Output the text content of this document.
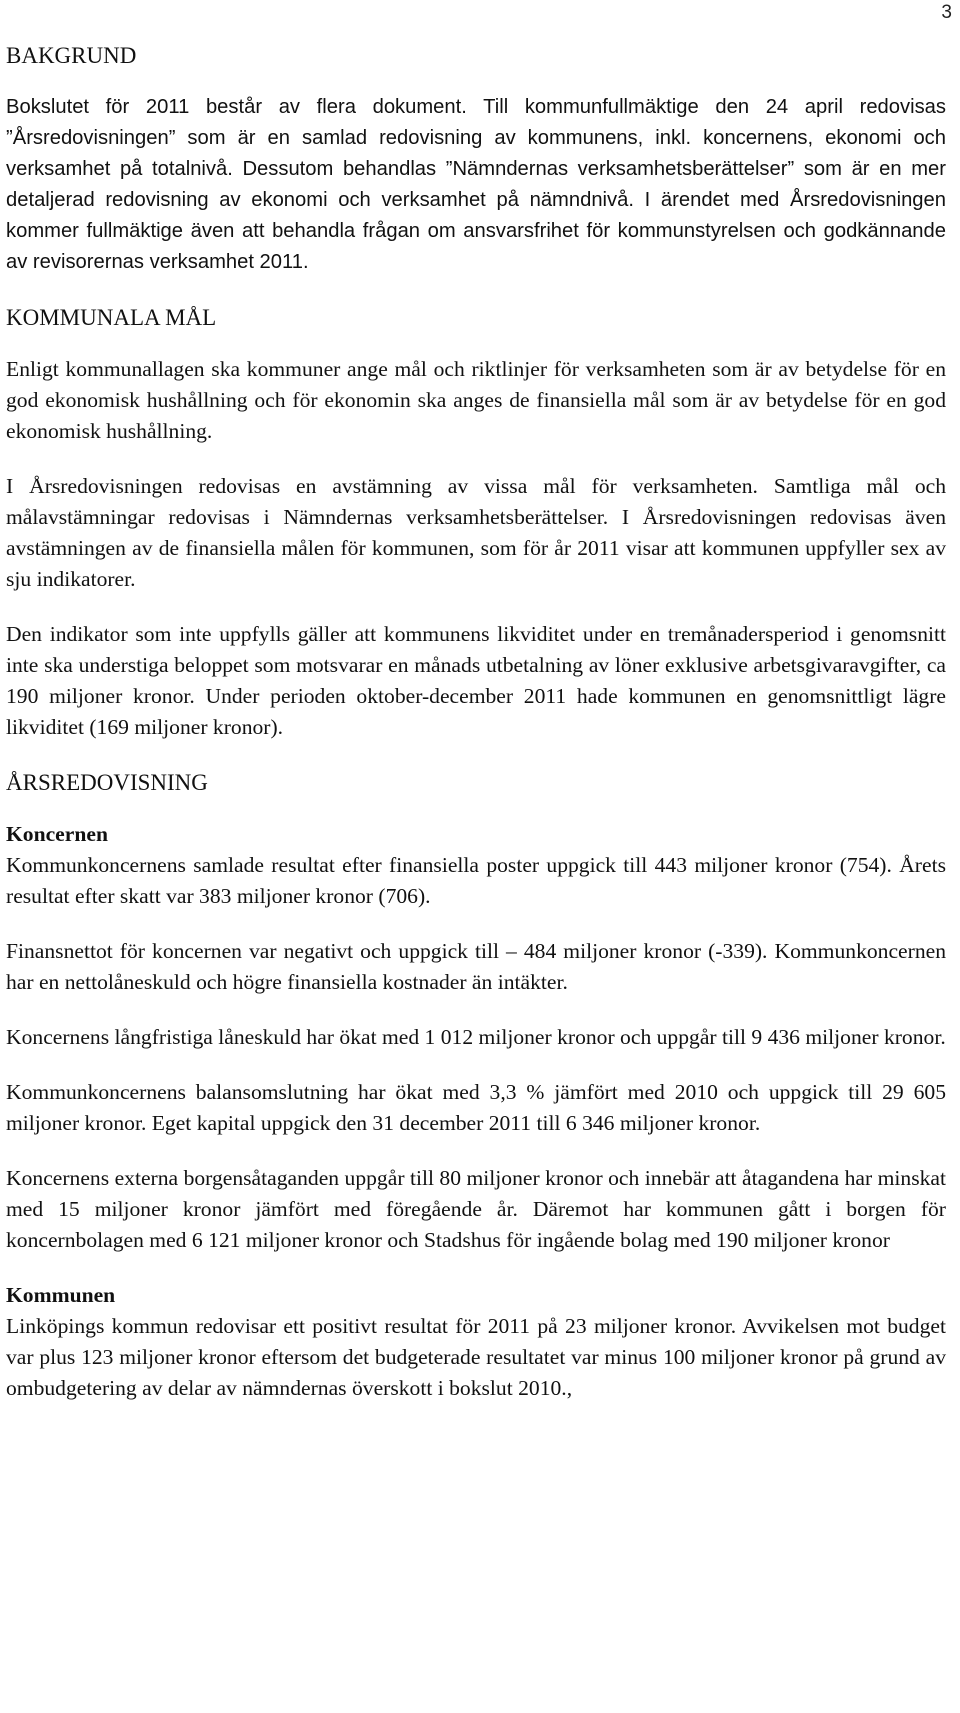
3
BAKGRUND

Bokslutet för 2011 består av flera dokument. Till kommunfullmäktige den 24 april redovisas ”Årsredovisningen” som är en samlad redovisning av kommunens, inkl. koncernens, ekonomi och verksamhet på totalnivå. Dessutom behandlas ”Nämndernas verksamhetsberättelser” som är en mer detaljerad redovisning av ekonomi och verksamhet på nämndnivå. I ärendet med Årsredovisningen kommer fullmäktige även att behandla frågan om ansvarsfrihet för kommunstyrelsen och godkännande av revisorernas verksamhet 2011.

KOMMUNALA MÅL

Enligt kommunallagen ska kommuner ange mål och riktlinjer för verksamheten som är av betydelse för en god ekonomisk hushållning och för ekonomin ska anges de finansiella mål som är av betydelse för en god ekonomisk hushållning.

I Årsredovisningen redovisas en avstämning av vissa mål för verksamheten. Samtliga mål och målavstämningar redovisas i Nämndernas verksamhetsberättelser. I Årsredovisningen redovisas även avstämningen av de finansiella målen för kommunen, som för år 2011 visar att kommunen uppfyller sex av sju indikatorer.

Den indikator som inte uppfylls gäller att kommunens likviditet under en tremånadersperiod i genomsnitt inte ska understiga beloppet som motsvarar en månads utbetalning av löner exklusive arbetsgivaravgifter, ca 190 miljoner kronor. Under perioden oktober-december 2011 hade kommunen en genomsnittligt lägre likviditet (169 miljoner kronor).

ÅRSREDOVISNING
Koncernen

Kommunkoncernens samlade resultat efter finansiella poster uppgick till 443 miljoner kronor (754). Årets resultat efter skatt var 383 miljoner kronor (706).

Finansnettot för koncernen var negativt och uppgick till – 484 miljoner kronor (-339). Kommunkoncernen har en nettolåneskuld och högre finansiella kostnader än intäkter.

Koncernens långfristiga låneskuld har ökat med 1 012 miljoner kronor och uppgår till 9 436 miljoner kronor.

Kommunkoncernens balansomslutning har ökat med 3,3 % jämfört med 2010 och uppgick till 29 605 miljoner kronor. Eget kapital uppgick den 31 december 2011 till 6 346 miljoner kronor.

Koncernens externa borgensåtaganden uppgår till 80 miljoner kronor och innebär att åtagandena har minskat med 15 miljoner kronor jämfört med föregående år. Däremot har kommunen gått i borgen för koncernbolagen med 6 121 miljoner kronor och Stadshus för ingående bolag med 190 miljoner kronor

Kommunen

Linköpings kommun redovisar ett positivt resultat för 2011 på 23 miljoner kronor. Avvikelsen mot budget var plus 123 miljoner kronor eftersom det budgeterade resultatet var minus 100 miljoner kronor på grund av ombudgetering av delar av nämndernas överskott i bokslut 2010.,
